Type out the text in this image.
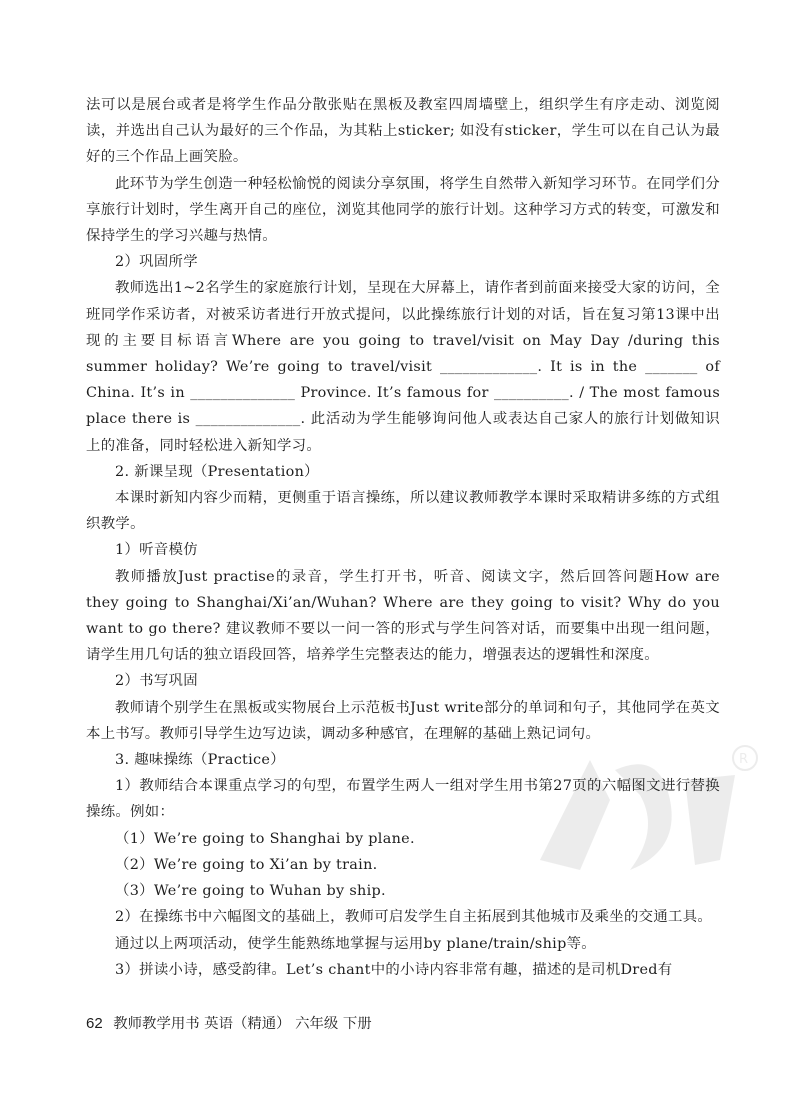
R

法可以是展台或者是将学生作品分散张贴在黑板及教室四周墙壁上，组织学生有序走动、浏览阅读，并选出自己认为最好的三个作品，为其粘上sticker; 如没有sticker，学生可以在自己认为最好的三个作品上画笑脸。

此环节为学生创造一种轻松愉悦的阅读分享氛围，将学生自然带入新知学习环节。在同学们分享旅行计划时，学生离开自己的座位，浏览其他同学的旅行计划。这种学习方式的转变，可激发和保持学生的学习兴趣与热情。

2）巩固所学

教师选出1~2名学生的家庭旅行计划，呈现在大屏幕上，请作者到前面来接受大家的访问，全班同学作采访者，对被采访者进行开放式提问，以此操练旅行计划的对话，旨在复习第13课中出现的主要目标语言Where are you going to travel/visit on May Day /during this summer holiday? We’re going to travel/visit _____________. It is in the _______ of China. It’s in ______________ Province. It’s famous for __________. / The most famous place there is ______________. 此活动为学生能够询问他人或表达自己家人的旅行计划做知识上的准备，同时轻松进入新知学习。

2. 新课呈现（Presentation）

本课时新知内容少而精，更侧重于语言操练，所以建议教师教学本课时采取精讲多练的方式组织教学。

1）听音模仿

教师播放Just practise的录音，学生打开书，听音、阅读文字，然后回答问题How are they going to Shanghai/Xi’an/Wuhan? Where are they going to visit? Why do you want to go there? 建议教师不要以一问一答的形式与学生问答对话，而要集中出现一组问题，请学生用几句话的独立语段回答，培养学生完整表达的能力，增强表达的逻辑性和深度。

2）书写巩固

教师请个别学生在黑板或实物展台上示范板书Just write部分的单词和句子，其他同学在英文本上书写。教师引导学生边写边读，调动多种感官，在理解的基础上熟记词句。

3. 趣味操练（Practice）

1）教师结合本课重点学习的句型，布置学生两人一组对学生用书第27页的六幅图文进行替换操练。例如：

（1）We’re going to Shanghai by plane.

（2）We’re going to Xi’an by train.

（3）We’re going to Wuhan by ship.

2）在操练书中六幅图文的基础上，教师可启发学生自主拓展到其他城市及乘坐的交通工具。

通过以上两项活动，使学生能熟练地掌握与运用by plane/train/ship等。

3）拼读小诗，感受韵律。Let’s chant中的小诗内容非常有趣，描述的是司机Dred有

62 教师教学用书 英语（精通） 六年级 下册
